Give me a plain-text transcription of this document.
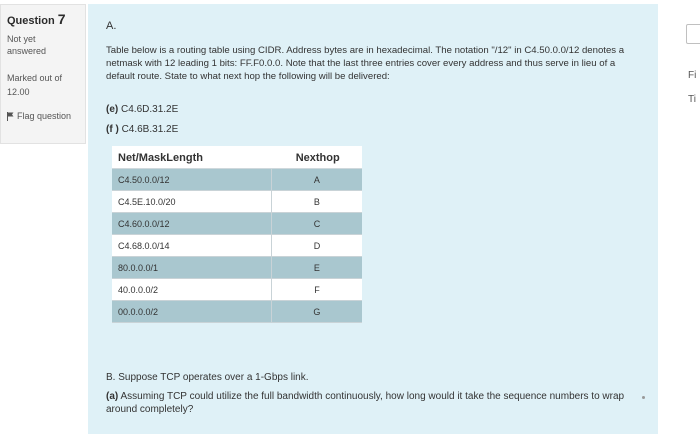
Question 7
Not yet
answered
Marked out of
12.00
Flag question
A.
Table below is a routing table using CIDR. Address bytes are in hexadecimal. The notation "/12" in C4.50.0.0/12 denotes a netmask with 12 leading 1 bits: FF.F0.0.0. Note that the last three entries cover every address and thus serve in lieu of a default route. State to what next hop the following will be delivered:
(e) C4.6D.31.2E
(f ) C4.6B.31.2E
Net/MaskLength	Nexthop
C4.50.0.0/12	A
C4.5E.10.0/20	B
C4.60.0.0/12	C
C4.68.0.0/14	D
80.0.0.0/1	E
40.0.0.0/2	F
00.0.0.0/2	G
B. Suppose TCP operates over a 1-Gbps link.
(a) Assuming TCP could utilize the full bandwidth continuously, how long would it take the sequence numbers to wrap around completely?
Fi
Ti
